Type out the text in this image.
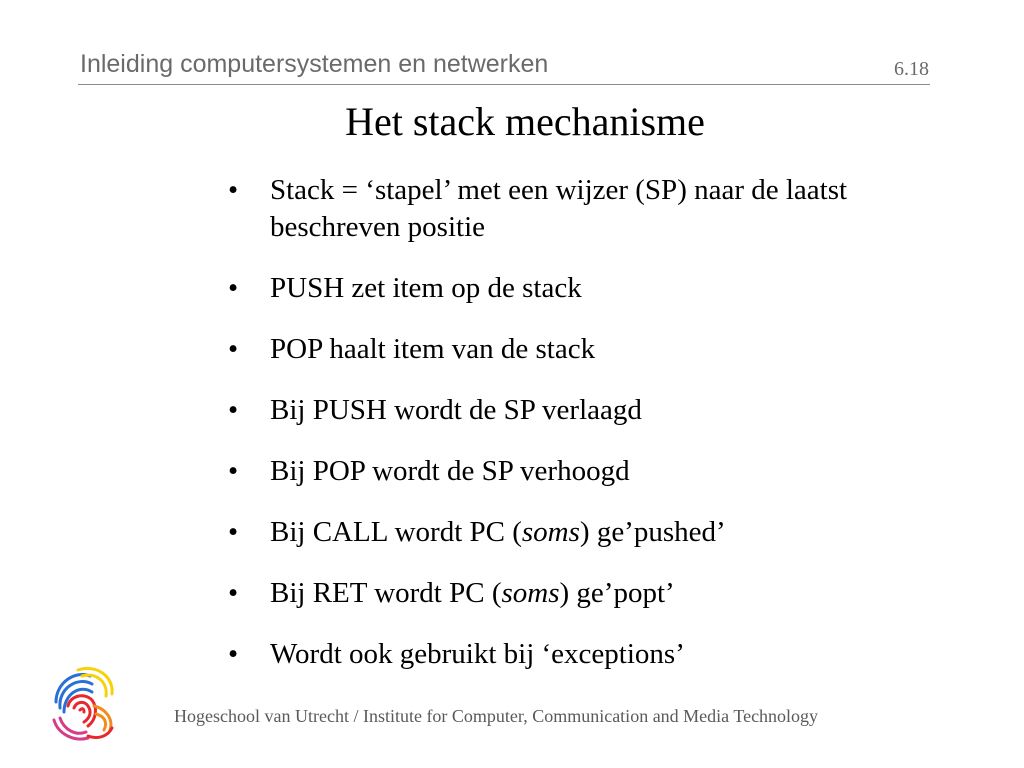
Inleiding computersystemen en netwerken	6.18
Het stack mechanisme
• Stack = ‘stapel’ met een wijzer (SP) naar de laatst beschreven positie
• PUSH zet item op de stack
• POP haalt item van de stack
• Bij PUSH wordt de SP verlaagd
• Bij POP wordt de SP verhoogd
• Bij CALL wordt PC (soms) ge’pushed’
• Bij RET wordt PC (soms) ge’popt’
• Wordt ook gebruikt bij ‘exceptions’
Hogeschool van Utrecht / Institute for Computer, Communication and Media Technology
